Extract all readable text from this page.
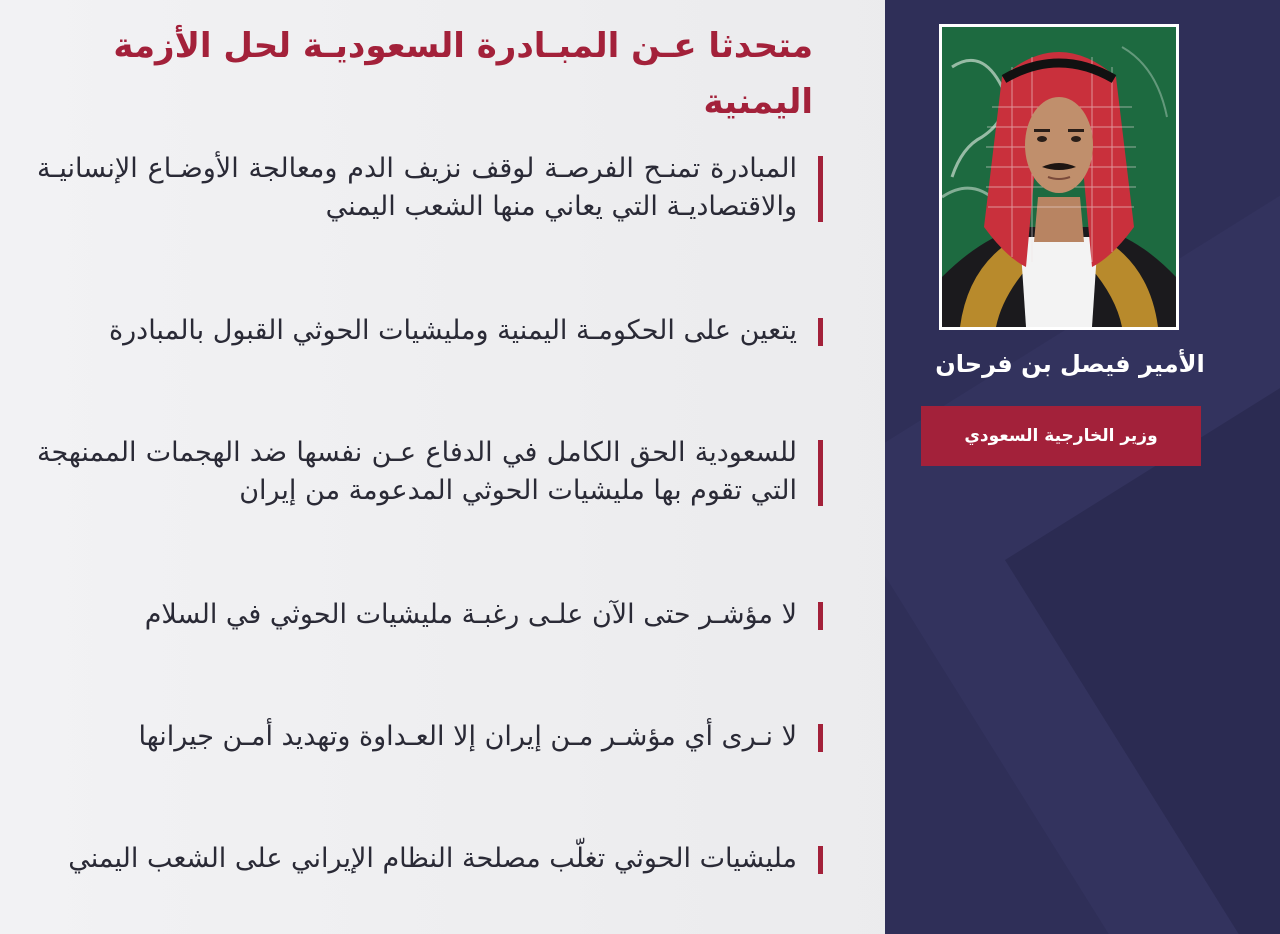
متحدثا عـن المبـادرة السعوديـة لحل الأزمة اليمنية
المبادرة تمنـح الفرصـة لوقف نزيف الدم ومعالجة الأوضـاع الإنسانيـة والاقتصاديـة التي يعاني منها الشعب اليمني
يتعين على الحكومـة اليمنية ومليشيات الحوثي القبول بالمبادرة
للسعودية الحق الكامل في الدفاع عـن نفسها ضد الهجمات الممنهجة التي تقوم بها مليشيات الحوثي المدعومة من إيران
لا مؤشـر حتى الآن علـى رغبـة مليشيات الحوثي في السلام
لا نـرى أي مؤشـر مـن إيران إلا العـداوة وتهديد أمـن جيرانها
مليشيات الحوثي تغلّب مصلحة النظام الإيراني على الشعب اليمني
الأمير فيصل بن فرحان
وزير الخارجية السعودي
